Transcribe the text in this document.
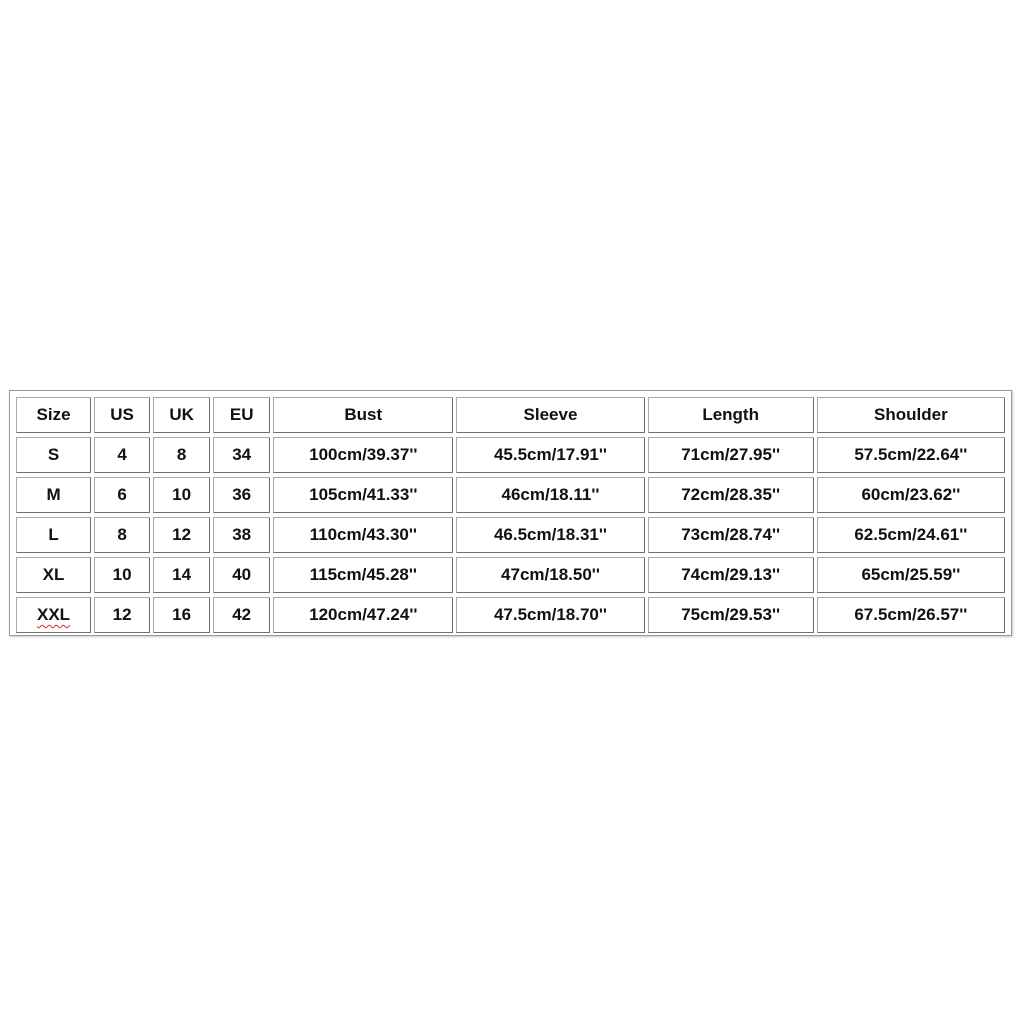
Size	US	UK	EU	Bust	Sleeve	Length	Shoulder
S	4	8	34	100cm/39.37''	45.5cm/17.91''	71cm/27.95''	57.5cm/22.64''
M	6	10	36	105cm/41.33''	46cm/18.11''	72cm/28.35''	60cm/23.62''
L	8	12	38	110cm/43.30''	46.5cm/18.31''	73cm/28.74''	62.5cm/24.61''
XL	10	14	40	115cm/45.28''	47cm/18.50''	74cm/29.13''	65cm/25.59''
XXL	12	16	42	120cm/47.24''	47.5cm/18.70''	75cm/29.53''	67.5cm/26.57''
